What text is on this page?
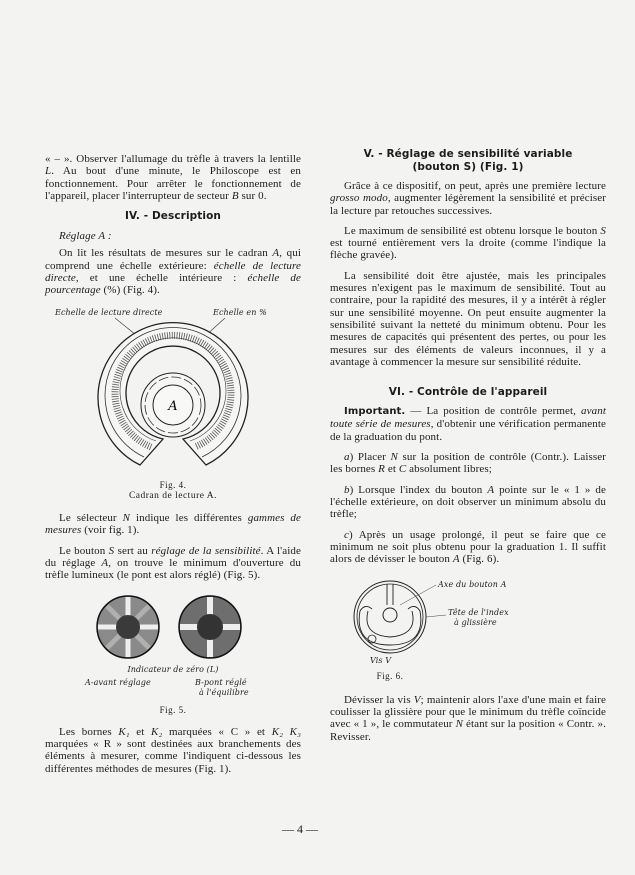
« – ». Observer l'allumage du trèfle à travers la lentille L. Au bout d'une minute, le Philoscope est en fonctionnement. Pour arrêter le fonctionnement de l'appareil, placer l'interrupteur de secteur B sur 0.

IV. - Description

Réglage A :

On lit les résultats de mesures sur le cadran A, qui comprend une échelle extérieure: échelle de lecture directe, et une échelle intérieure : échelle de pourcentage (%) (Fig. 4).

Echelle de lecture directe	Echelle en %
A
Fig. 4.
Cadran de lecture A.

Le sélecteur N indique les différentes gammes de mesures (voir fig. 1).

Le bouton S sert au réglage de la sensibilité. A l'aide du réglage A, on trouve le minimum d'ouverture du trèfle lumineux (le pont est alors réglé) (Fig. 5).

Indicateur de zéro (L)
A-avant réglage	B-pont réglé
à l'équilibre
Fig. 5.

Les bornes K₁ et K₂ marquées « C » et K₂ K₃ marquées « R » sont destinées aux branchements des éléments à mesurer, comme l'indiquent ci-dessous les différentes méthodes de mesures (Fig. 1).

V. - Réglage de sensibilité variable

(bouton S) (Fig. 1)

Grâce à ce dispositif, on peut, après une première lecture grosso modo, augmenter légèrement la sensibilité et préciser la lecture par retouches successives.

Le maximum de sensibilité est obtenu lorsque le bouton S est tourné entièrement vers la droite (comme l'indique la flèche gravée).

La sensibilité doit être ajustée, mais les principales mesures n'exigent pas le maximum de sensibilité. Tout au contraire, pour la rapidité des mesures, il y a intérêt à régler sur une sensibilité moyenne. On peut ensuite augmenter la sensibilité suivant la netteté du minimum obtenu. Pour les mesures de capacités qui présentent des pertes, ou pour les mesures sur des éléments de valeurs inconnues, il y a avantage à commencer la mesure sur sensibilité réduite.

VI. - Contrôle de l'appareil

Important. — La position de contrôle permet, avant toute série de mesures, d'obtenir une vérification permanente de la graduation du pont.

a) Placer N sur la position de contrôle (Contr.). Laisser les bornes R et C absolument libres;

b) Lorsque l'index du bouton A pointe sur le « 1 » de l'échelle extérieure, on doit observer un minimum absolu du trèfle;

c) Après un usage prolongé, il peut se faire que ce minimum ne soit plus obtenu pour la graduation 1. Il suffit alors de dévisser le bouton A (Fig. 6).

Vis V
Axe du bouton A
Tête de l'index
à glissière
Fig. 6.

Dévisser la vis V; maintenir alors l'axe d'une main et faire coulisser la glissière pour que le minimum du trèfle coïncide avec « 1 », le commutateur N étant sur la position « Contr. ». Revisser.

— 4 —
